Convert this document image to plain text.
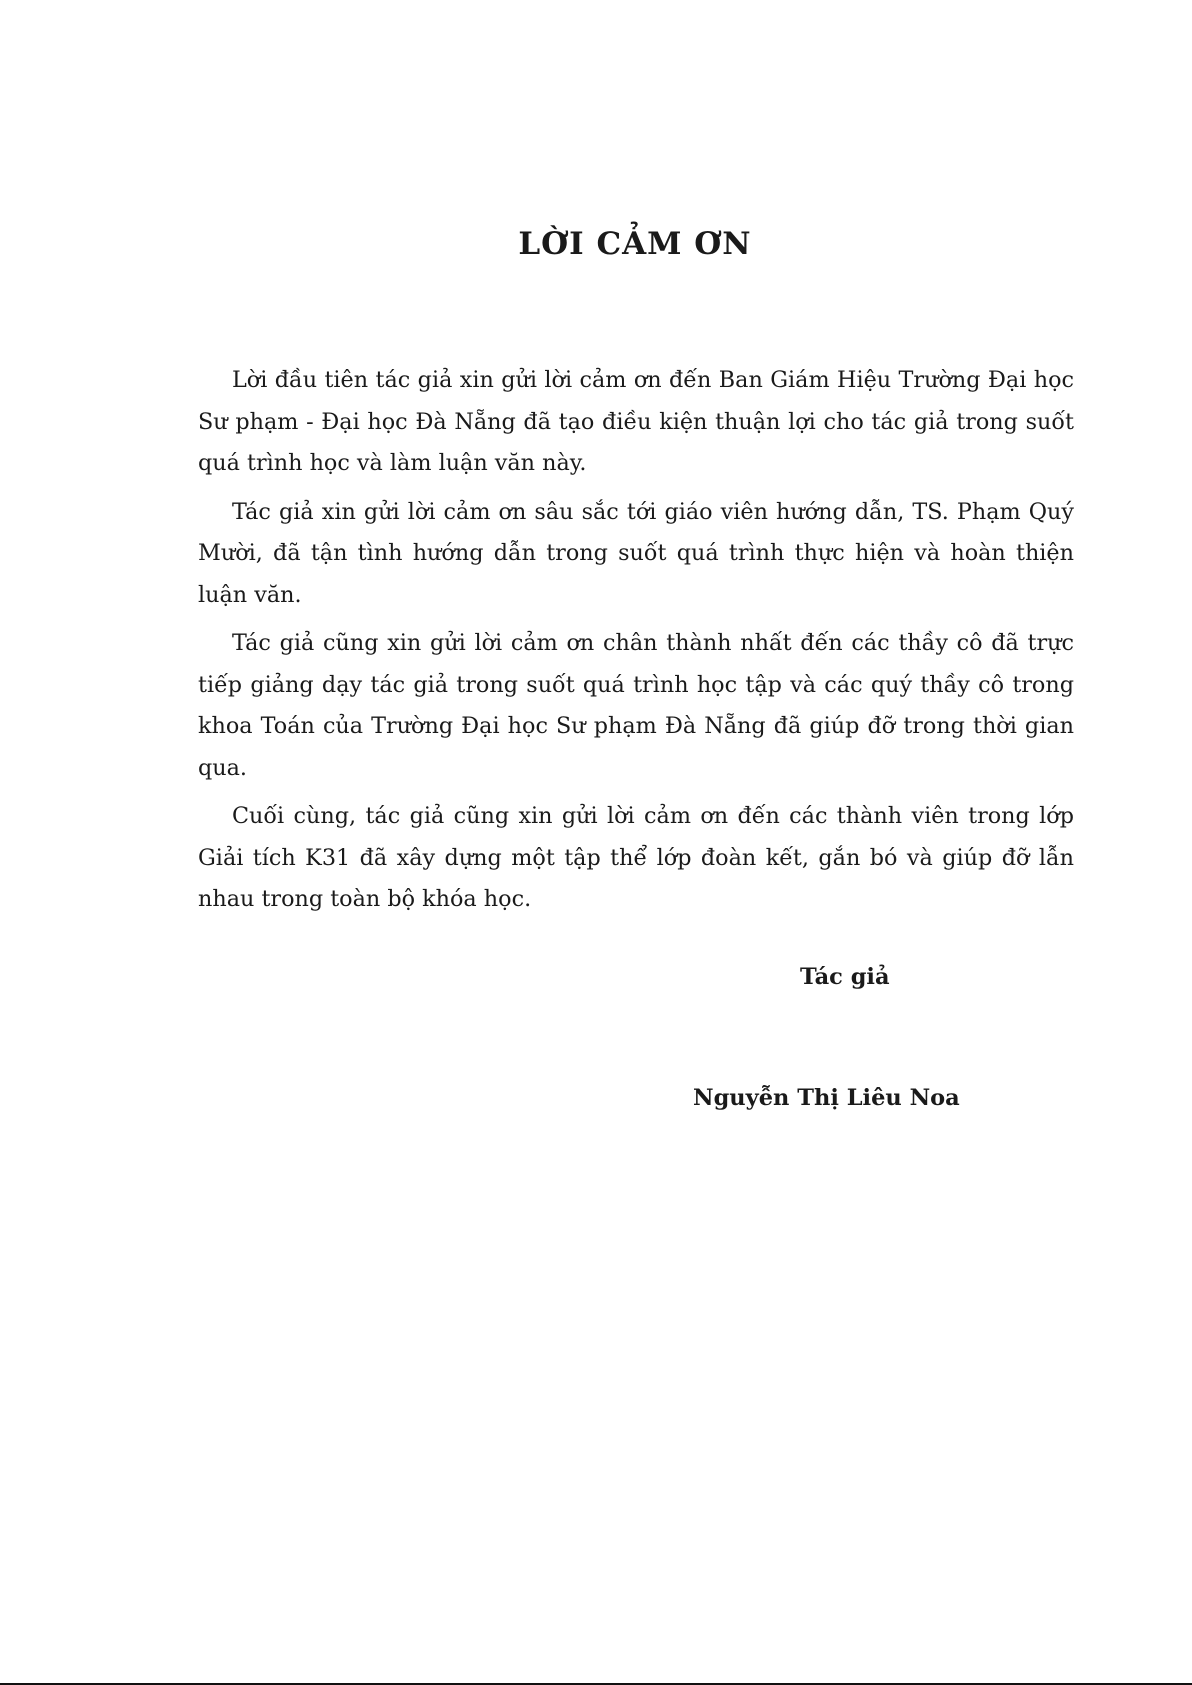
LỜI CẢM ƠN

Lời đầu tiên tác giả xin gửi lời cảm ơn đến Ban Giám Hiệu Trường Đại học Sư phạm - Đại học Đà Nẵng đã tạo điều kiện thuận lợi cho tác giả trong suốt quá trình học và làm luận văn này.

Tác giả xin gửi lời cảm ơn sâu sắc tới giáo viên hướng dẫn, TS. Phạm Quý Mười, đã tận tình hướng dẫn trong suốt quá trình thực hiện và hoàn thiện luận văn.

Tác giả cũng xin gửi lời cảm ơn chân thành nhất đến các thầy cô đã trực tiếp giảng dạy tác giả trong suốt quá trình học tập và các quý thầy cô trong khoa Toán của Trường Đại học Sư phạm Đà Nẵng đã giúp đỡ trong thời gian qua.

Cuối cùng, tác giả cũng xin gửi lời cảm ơn đến các thành viên trong lớp Giải tích K31 đã xây dựng một tập thể lớp đoàn kết, gắn bó và giúp đỡ lẫn nhau trong toàn bộ khóa học.

Tác giả

Nguyễn Thị Liêu Noa
